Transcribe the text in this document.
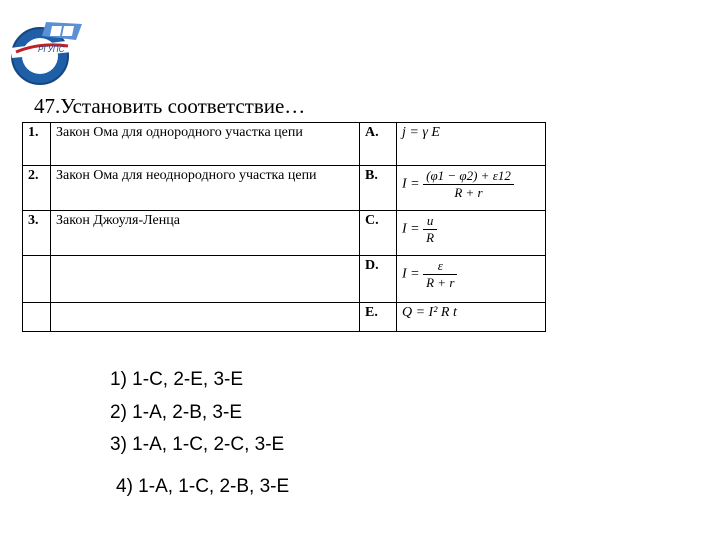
РГУПС
47.Установить соответствие…
1.	Закон Ома для однородного участка цепи	A.	j = γ E
2.	Закон Ома для неоднородного участка цепи	B.	$I = \frac{(\varphi 1 - \varphi 2) + \varepsilon 12}{R + r}$

3.	Закон Джоуля-Ленца	C.	$I = \frac{u}{R}$

		D.	$I = \frac{\varepsilon}{R + r}$

		E.	Q = I² R t
1) 1-C, 2-E, 3-E
2) 1-A, 2-B, 3-E
3) 1-A, 1-C, 2-C, 3-E
4) 1-A, 1-C, 2-B, 3-E
